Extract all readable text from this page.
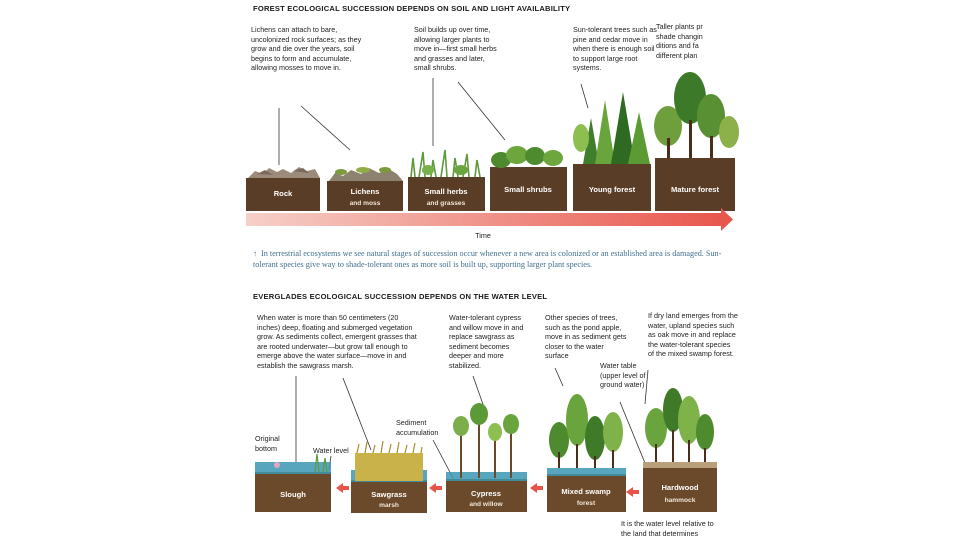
FOREST ECOLOGICAL SUCCESSION DEPENDS ON SOIL AND LIGHT AVAILABILITY
Lichens can attach to bare, uncolonized rock surfaces; as they grow and die over the years, soil begins to form and accumulate, allowing mosses to move in.
Soil builds up over time, allowing larger plants to move in—first small herbs and grasses and later, small shrubs.
Sun-tolerant trees such as pine and cedar move in when there is enough soil to support large root systems.
Taller plants pr shade changin ditions and fa different plan
Rock	Lichens
and moss
Small herbs
and grasses
Small shrubs	Young forest	Mature forest
Time
↑ In terrestrial ecosystems we see natural stages of succession occur whenever a new area is colonized or an established area is damaged. Sun-tolerant species give way to shade-tolerant ones as more soil is built up, supporting larger plant species.
EVERGLADES ECOLOGICAL SUCCESSION DEPENDS ON THE WATER LEVEL
When water is more than 50 centimeters (20 inches) deep, floating and submerged vegetation grow. As sediments collect, emergent grasses that are rooted underwater—but grow tall enough to emerge above the water surface—move in and establish the sawgrass marsh.
Water-tolerant cypress and willow move in and replace sawgrass as sediment becomes deeper and more stabilized.
Other species of trees, such as the pond apple, move in as sediment gets closer to the water surface
If dry land emerges from the water, upland species such as oak move in and replace the water-tolerant species of the mixed swamp forest.
Original bottom	Water level
Sediment accumulation
Water table (upper level of ground water)
Slough	Sawgrass
marsh
Cypress
and willow
Mixed swamp
forest
Hardwood
hammock
It is the water level relative to the land that determines
